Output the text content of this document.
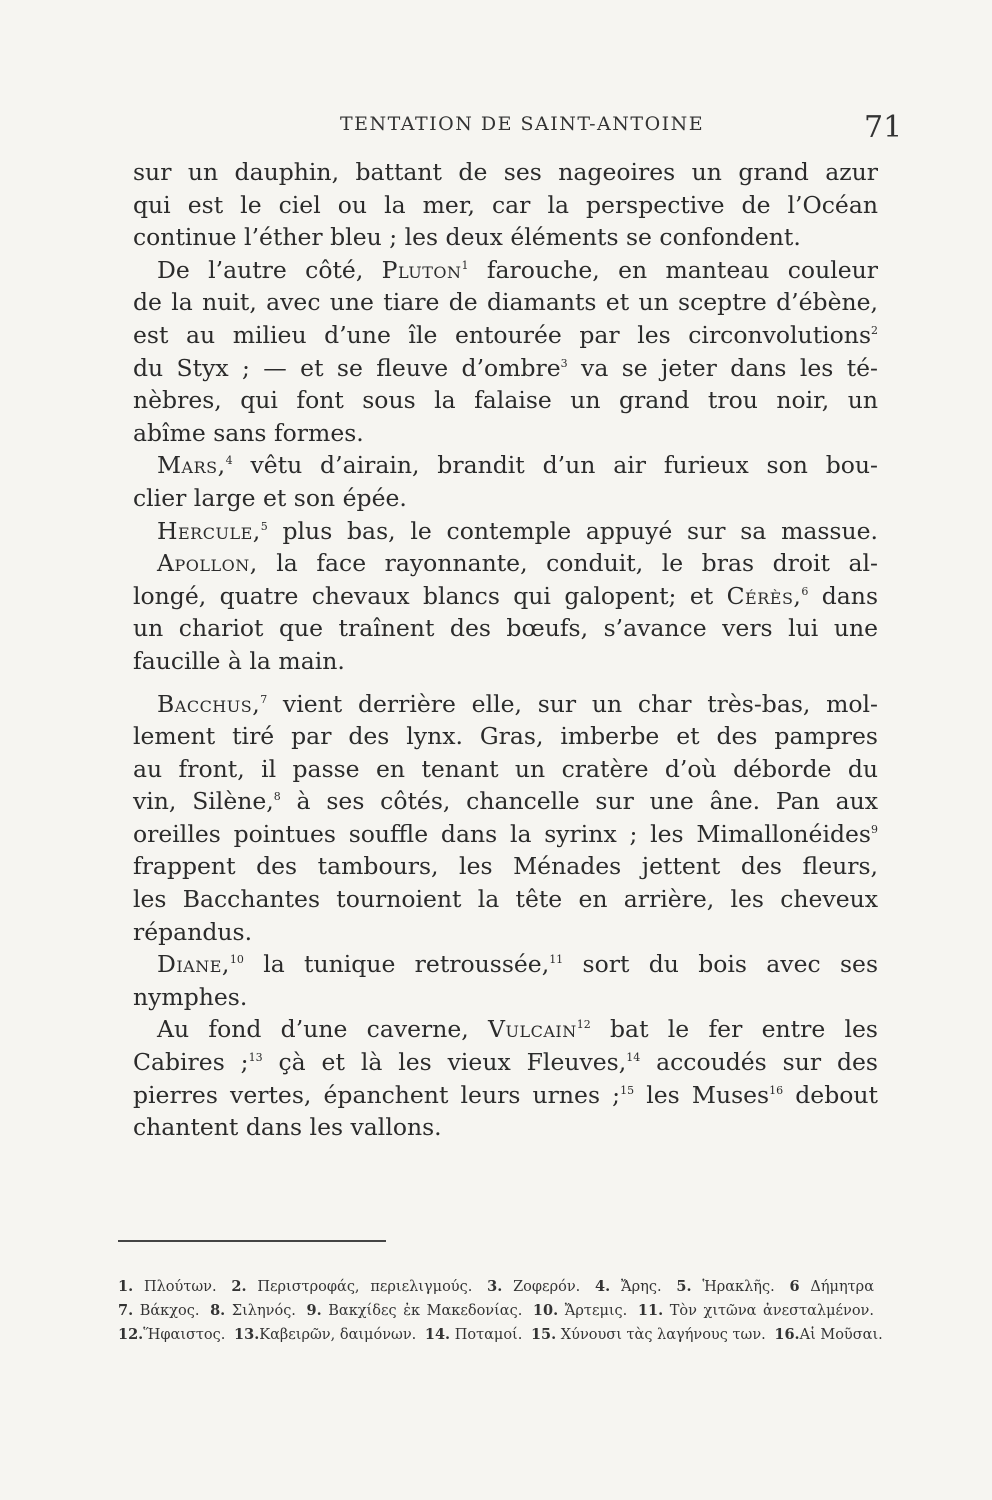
TENTATION DE SAINT-ANTOINE	71
sur un dauphin, battant de ses nageoires un grand azur
qui est le ciel ou la mer, car la perspective de l’Océan
continue l’éther bleu ; les deux éléments se confondent.
De l’autre côté, Pluton$^1$ farouche, en manteau couleur
de la nuit, avec une tiare de diamants et un sceptre d’ébène,
est au milieu d’une île entourée par les circonvolutions$^2$
du Styx ; — et se fleuve d’ombre$^3$ va se jeter dans les té-
nèbres, qui font sous la falaise un grand trou noir, un
abîme sans formes.
Mars,$^4$ vêtu d’airain, brandit d’un air furieux son bou-
clier large et son épée.
Hercule,$^5$ plus bas, le contemple appuyé sur sa massue.
Apollon, la face rayonnante, conduit, le bras droit al-
longé, quatre chevaux blancs qui galopent; et Cérès,$^6$ dans
un chariot que traînent des bœufs, s’avance vers lui une
faucille à la main.
Bacchus,$^7$ vient derrière elle, sur un char très-bas, mol-
lement tiré par des lynx. Gras, imberbe et des pampres
au front, il passe en tenant un cratère d’où déborde du
vin, Silène,$^8$ à ses côtés, chancelle sur une âne. Pan aux
oreilles pointues souffle dans la syrinx ; les Mimallonéides$^9$
frappent des tambours, les Ménades jettent des fleurs,
les Bacchantes tournoient la tête en arrière, les cheveux
répandus.
Diane,$^{10}$ la tunique retroussée,$^{11}$ sort du bois avec ses
nymphes.
Au fond d’une caverne, Vulcain$^{12}$ bat le fer entre les
Cabires ;$^{13}$ çà et là les vieux Fleuves,$^{14}$ accoudés sur des
pierres vertes, épanchent leurs urnes ;$^{15}$ les Muses$^{16}$ debout
chantent dans les vallons.
1. Πλούτων. 2. Περιστροφάς, περιελιγμούς. 3. Ζοφερόν. 4. Ἄρης. 5. Ἡρακλῆς. 6 Δήμητρα
7. Βάκχος. 8. Σιληνός. 9. Βακχίδες ἐκ Μακεδονίας. 10. Ἄρτεμις. 11. Τὸν χιτῶνα ἀνεσταλμένον.
12.Ἥφαιστος. 13.Καβειρῶν, δαιμόνων. 14. Ποταμοί. 15. Χύνουσι τὰς λαγήνους των. 16.Αἱ Μοῦσαι.
